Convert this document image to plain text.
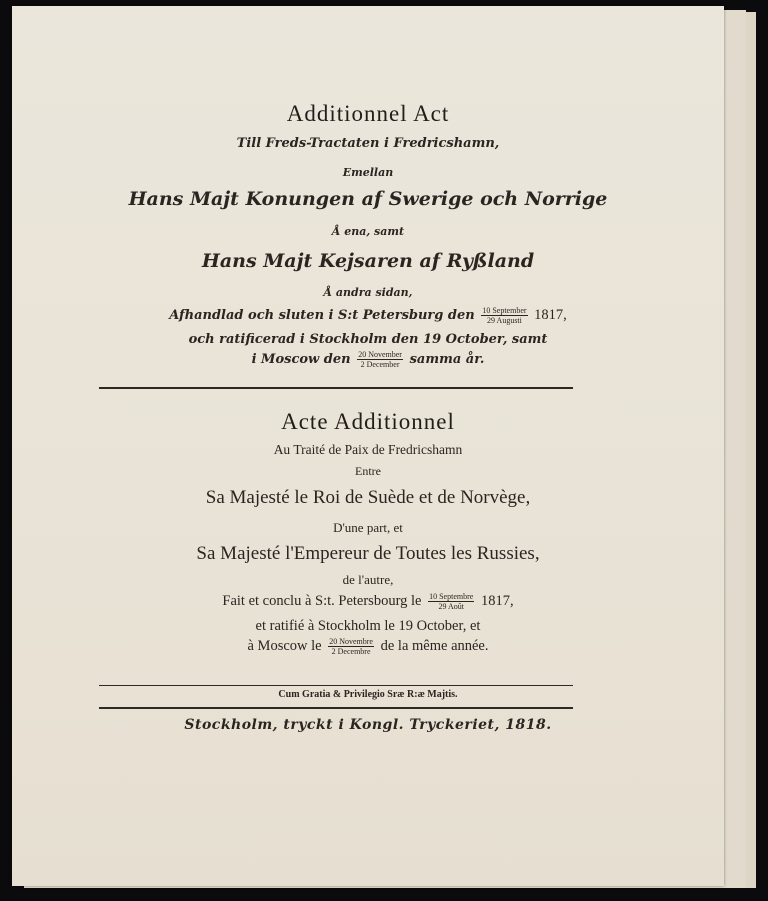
Additionnel Act
Till Freds-Tractaten i Fredricshamn,
Emellan
Hans Majt Konungen af Swerige och Norrige
Å ena, samt
Hans Majt Kejsaren af Ryßland
Å andra sidan,
Afhandlad och sluten i S:t Petersburg den $\frac{\text{10 September}}{\text{29 Augusti}} 1817$,
och ratificerad i Stockholm den 19 October, samt
i Moscow den $\frac{\text{20 November}}{\text{2 December}}$ samma år.
Acte Additionnel
Au Traité de Paix de Fredricshamn
Entre
Sa Majesté le Roi de Suède et de Norvège,
D'une part, et
Sa Majesté l'Empereur de Toutes les Russies,
de l'autre,
Fait et conclu à S:t. Petersbourg le $\frac{\text{10 Septembre}}{\text{29 Août}} 1817$,
et ratifié à Stockholm le 19 October, et
à Moscow le $\frac{\text{20 Novembre}}{\text{2 Decembre}}$ de la même année.
Cum Gratia & Privilegio Sræ R:æ Majtis.
Stockholm, tryckt i Kongl. Tryckeriet, 1818.
